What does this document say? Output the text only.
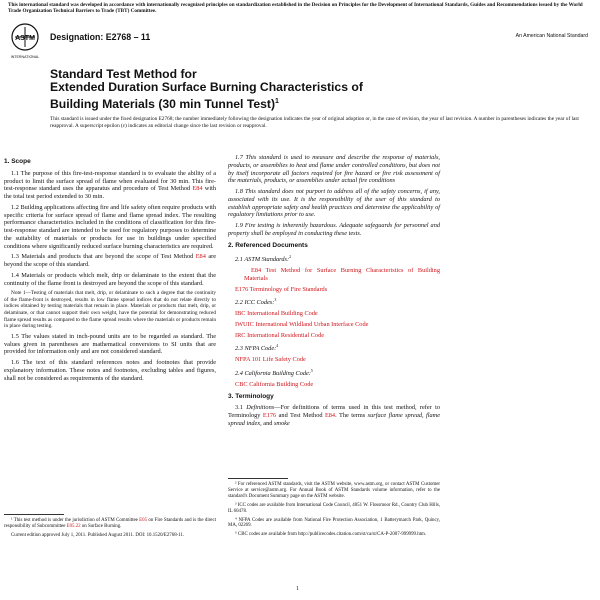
This international standard was developed in accordance with internationally recognized principles on standardization established in the Decision on Principles for the Development of International Standards, Guides and Recommendations issued by the World Trade Organization Technical Barriers to Trade (TBT) Committee.
ASTM
INTERNATIONAL
Designation: E2768 – 11	An American National Standard
Standard Test Method for
Extended Duration Surface Burning Characteristics of
Building Materials (30 min Tunnel Test)$^1$
This standard is issued under the fixed designation E2768; the number immediately following the designation indicates the year of original adoption or, in the case of revision, the year of last revision. A number in parentheses indicates the year of last reapproval. A superscript epsilon (ε) indicates an editorial change since the last revision or reapproval.
1. Scope

1.1 The purpose of this fire-test-response standard is to evaluate the ability of a product to limit the surface spread of flame when evaluated for 30 min. This fire-test-response standard uses the apparatus and procedure of Test Method E84 with the total test period extended to 30 min.

1.2 Building applications affecting fire and life safety often require products with specific criteria for surface spread of flame and flame spread index. The resulting performance characteristics included in the conditions of classification for this fire-test-response standard are intended to be used for regulatory purposes to determine the suitability of materials or products for use in buildings under specified conditions where significantly reduced surface burning characteristics are required.

1.3 Materials and products that are beyond the scope of Test Method E84 are beyond the scope of this standard.

1.4 Materials or products which melt, drip or delaminate to the extent that the continuity of the flame front is destroyed are beyond the scope of this standard.

Note 1—Testing of materials that melt, drip, or delaminate to such a degree that the continuity of the flame-front is destroyed, results in low flame spread indices that do not relate directly to indices obtained by testing materials that remain in place. Materials or products that melt, drip, or delaminate, or that cannot support their own weight, have the potential for demonstrating reduced flame spread results as compared to the flame spread results where the materials or products remain in place during testing.

1.5 The values stated in inch-pound units are to be regarded as standard. The values given in parentheses are mathematical conversions to SI units that are provided for information only and are not considered standard.

1.6 The text of this standard references notes and footnotes that provide explanatory information. These notes and footnotes, excluding tables and figures, shall not be considered as requirements of the standard.

¹ This test method is under the jurisdiction of ASTM Committee E05 on Fire Standards and is the direct responsibility of Subcommittee E05.22 on Surface Burning.

Current edition approved July 1, 2011. Published August 2011. DOI: 10.1520/E2768-11.

1.7 This standard is used to measure and describe the response of materials, products, or assemblies to heat and flame under controlled conditions, but does not by itself incorporate all factors required for fire hazard or fire risk assessment of the materials, products, or assemblies under actual fire conditions

1.8 This standard does not purport to address all of the safety concerns, if any, associated with its use. It is the responsibility of the user of this standard to establish appropriate safety and health practices and determine the applicability of regulatory limitations prior to use.

1.9 Fire testing is inherently hazardous. Adequate safeguards for personnel and property shall be employed in conducting these tests.

2. Referenced Documents

2.1 ASTM Standards:$^2$

E84 Test Method for Surface Burning Characteristics of Building Materials

E176 Terminology of Fire Standards

2.2 ICC Codes:$^3$

IBC International Building Code

IWUIC International Wildland Urban Interface Code

IRC International Residential Code

2.3 NFPA Code:$^4$

NFPA 101 Life Safety Code

2.4 California Building Code:$^5$

CBC California Building Code

3. Terminology

3.1 Definitions—For definitions of terms used in this test method, refer to Terminology E176 and Test Method E84. The terms surface flame spread, flame spread index, and smoke

² For referenced ASTM standards, visit the ASTM website, www.astm.org, or contact ASTM Customer Service at service@astm.org. For Annual Book of ASTM Standards volume information, refer to the standard's Document Summary page on the ASTM website.

³ ICC codes are available from International Code Council, 4051 W. Flossmoor Rd., Country Club Hills, IL 60478.

⁴ NFPA Codes are available from National Fire Protection Association, 1 Batterymarch Park, Quincy, MA, 02269.

⁵ CBC codes are available from http://publicecodes.citation.com/st/ca/st/CA-P-2007-999999.htm.

1
